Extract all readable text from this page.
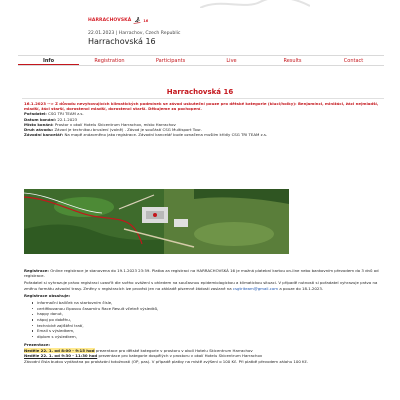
HARRACHOVSKÁ	16
22.01.2023 | Harrachov, Czech Republic
Harrachovská 16
Info	Registration	Participants	Live	Results	Contact
Harrachovská 16
16.1.2023 --> Z důvodu nevyhovujících klimatických podmínek se závod uskuteční pouze pro dětské kategorie (kluci/holky): Benjamínci, minižáci, žáci nejmladší,
mladší, žáci starší, dorostenci mladší, dorostenci starší. Děkujeme za pochopení.
Pořadatel: CSG TRI TEAM z.s.
Datum konání: 22.1.2023
Místo konání: Prostor v okolí Hotelu Skicentrum Harrachov, místo Harrachov
Druh závodu: Závod je technikou bruslení (volně) . Závod je součástí CSG Multisport Tour.
Závodní kancelář: Na mapě znázorněno jako registrace. Závodní kancelář bude označena mušlím křídly CSG TRI TEAM z.s.

Registrace: Online registrace je stanovena do 19.1.2023 23:59. Platba za registraci na HARRACHOVSKÁ 16 je možná platební kartou on-line nebo bankovním převodem do 3 dnů od registrace.

Pořadatel si vyhrazuje právo registraci uzavřít dle svého uvážení s ohledem na současnou epidemiologickou a klimatickou situaci. V případě nutnosti si pořadatel vyhrazuje právo na změnu formátu závodní trasy. Změny v registracích lze provést jen na základě písemné žádosti zaslané na csgtriteam@gmail.com a pouze do 18.1.2023.

Registrace obsahuje:
informační balíček na startovním čísle,
certifikovanou čipovou časomíru Race Result včetně výsledků,
happy donut,
nápoj po doběhu,
technické zajištění tratí,
Email s výsledkem,
diplom s výsledkem,
Prezentace:
Neděle 22. 1. od 8:00 - 9:15 hod prezentace pro dětské kategorie v prostoru v okolí Hotelu Skicentrum Harrachov
Neděle 22. 1. od 9:30 - 11:30 hod prezentace pro kategorie dospělých v prostoru v okolí Hotelu Skicentrum Harrachov
Závodní čísla budou vydávána po prokázání totožnosti (OP, pas). V případě platby na místě zvýšení o 100 Kč. Při platbě převodem zálohu 100 Kč.
